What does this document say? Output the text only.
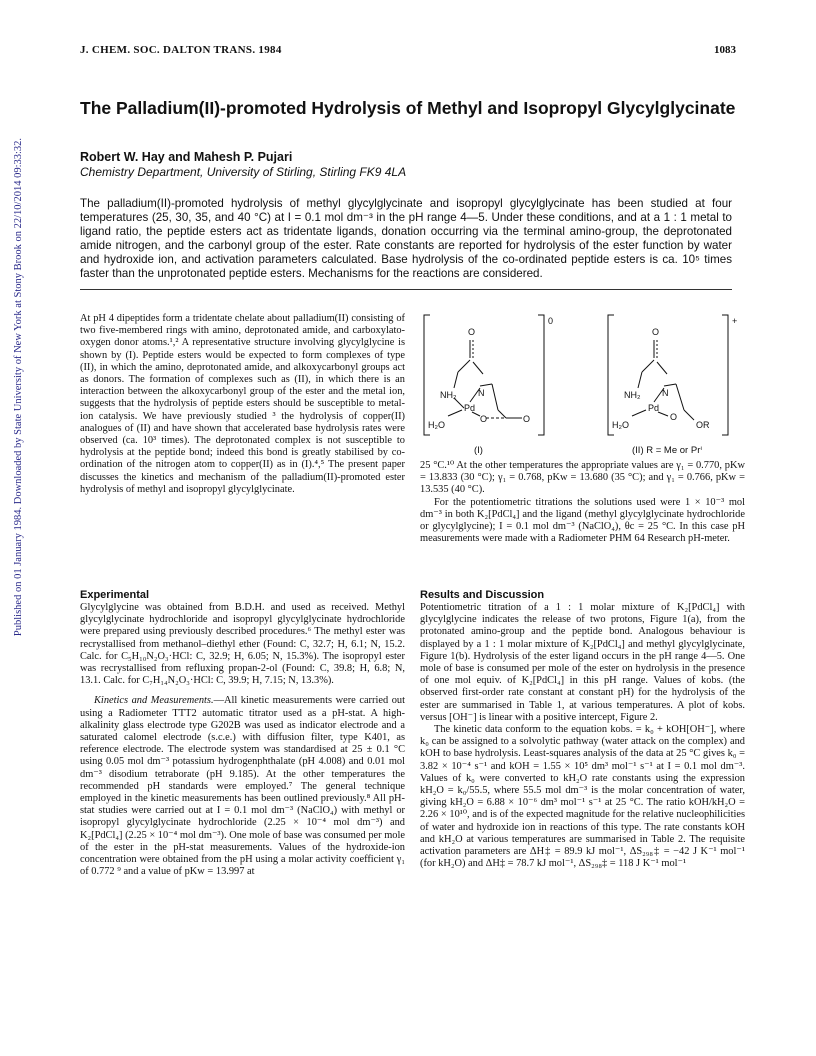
Published on 01 January 1984. Downloaded by State University of New York at Stony Brook on 22/10/2014 09:33:32.
J. CHEM. SOC. DALTON TRANS. 1984	1083
The Palladium(II)-promoted Hydrolysis of Methyl and Isopropyl Glycylglycinate
Robert W. Hay and Mahesh P. Pujari
Chemistry Department, University of Stirling, Stirling FK9 4LA
The palladium(II)-promoted hydrolysis of methyl glycylglycinate and isopropyl glycylglycinate has been studied at four temperatures (25, 30, 35, and 40 °C) at I = 0.1 mol dm⁻³ in the pH range 4—5. Under these conditions, and at a 1 : 1 metal to ligand ratio, the peptide esters act as tridentate ligands, donation occurring via the terminal amino-group, the deprotonated amide nitrogen, and the carbonyl group of the ester. Rate constants are reported for hydrolysis of the ester function by water and hydroxide ion, and activation parameters calculated. Base hydrolysis of the co-ordinated peptide esters is ca. 10⁵ times faster than the unprotonated peptide esters. Mechanisms for the reactions are considered.

At pH 4 dipeptides form a tridentate chelate about palladium(II) consisting of two five-membered rings with amino, deprotonated amide, and carboxylato-oxygen donor atoms.¹,² A representative structure involving glycylglycine is shown by (I). Peptide esters would be expected to form complexes of type (II), in which the amino, deprotonated amide, and alkoxycarbonyl groups act as donors. The formation of complexes such as (II), in which there is an interaction between the alkoxycarbonyl group of the ester and the metal ion, suggests that the hydrolysis of peptide esters should be susceptible to metal-ion catalysis. We have previously studied ³ the hydrolysis of copper(II) analogues of (II) and have shown that accelerated base hydrolysis rates were observed (ca. 10³ times). The deprotonated complex is not susceptible to hydrolysis at the peptide bond; indeed this bond is greatly stabilised by co-ordination of the nitrogen atom to copper(II) as in (I).⁴,⁵ The present paper discusses the kinetics and mechanism of the palladium(II)-promoted ester hydrolysis of methyl and isopropyl glycylglycinate.

Experimental

Glycylglycine was obtained from B.D.H. and used as received. Methyl glycylglycinate hydrochloride and isopropyl glycylglycinate hydrochloride were prepared using previously described procedures.⁶ The methyl ester was recrystallised from methanol–diethyl ether (Found: C, 32.7; H, 6.1; N, 15.2. Calc. for C₅H₁₀N₂O₃·HCl: C, 32.9; H, 6.05; N, 15.3%). The isopropyl ester was recrystallised from refluxing propan-2-ol (Found: C, 39.8; H, 6.8; N, 13.1. Calc. for C₇H₁₄N₂O₃·HCl: C, 39.9; H, 7.15; N, 13.3%).

Kinetics and Measurements.—All kinetic measurements were carried out using a Radiometer TTT2 automatic titrator used as a pH-stat. A high-alkalinity glass electrode type G202B was used as indicator electrode and a saturated calomel electrode (s.c.e.) with diffusion filter, type K401, as reference electrode. The electrode system was standardised at 25 ± 0.1 °C using 0.05 mol dm⁻³ potassium hydrogenphthalate (pH 4.008) and 0.01 mol dm⁻³ disodium tetraborate (pH 9.185). At the other temperatures the recommended pH standards were employed.⁷ The general technique employed in the kinetic measurements has been outlined previously.⁸ All pH-stat studies were carried out at I = 0.1 mol dm⁻³ (NaClO₄) with methyl or isopropyl glycylglycinate hydrochloride (2.25 × 10⁻⁴ mol dm⁻³) and K₂[PdCl₄] (2.25 × 10⁻⁴ mol dm⁻³). One mole of base was consumed per mole of the ester in the pH-stat measurements. Values of the hydroxide-ion concentration were obtained from the pH using a molar activity coefficient γ₁ of 0.772 ⁹ and a value of pKw = 13.997 at

O
NH₂ N
Pd
H₂O
O	O
0
(I)
O
NH₂ N
Pd
H₂O
O
OR
+
(II) R = Me or Prⁱ

25 °C.¹⁰ At the other temperatures the appropriate values are γ₁ = 0.770, pKw = 13.833 (30 °C); γ₁ = 0.768, pKw = 13.680 (35 °C); and γ₁ = 0.766, pKw = 13.535 (40 °C).

For the potentiometric titrations the solutions used were 1 × 10⁻³ mol dm⁻³ in both K₂[PdCl₄] and the ligand (methyl glycylglycinate hydrochloride or glycylglycine); I = 0.1 mol dm⁻³ (NaClO₄), θc = 25 °C. In this case pH measurements were made with a Radiometer PHM 64 Research pH-meter.

Results and Discussion

Potentiometric titration of a 1 : 1 molar mixture of K₂[PdCl₄] with glycylglycine indicates the release of two protons, Figure 1(a), from the protonated amino-group and the peptide bond. Analogous behaviour is displayed by a 1 : 1 molar mixture of K₂[PdCl₄] and methyl glycylglycinate, Figure 1(b). Hydrolysis of the ester ligand occurs in the pH range 4—5. One mole of base is consumed per mole of the ester on hydrolysis in the presence of one mol equiv. of K₂[PdCl₄] in this pH range. Values of kobs. (the observed first-order rate constant at constant pH) for the hydrolysis of the ester are summarised in Table 1, at various temperatures. A plot of kobs. versus [OH⁻] is linear with a positive intercept, Figure 2.

The kinetic data conform to the equation kobs. = k₀ + kOH[OH⁻], where k₀ can be assigned to a solvolytic pathway (water attack on the complex) and kOH to base hydrolysis. Least-squares analysis of the data at 25 °C gives k₀ = 3.82 × 10⁻⁴ s⁻¹ and kOH = 1.55 × 10⁵ dm³ mol⁻¹ s⁻¹ at I = 0.1 mol dm⁻³. Values of k₀ were converted to kH₂O rate constants using the expression kH₂O = k₀/55.5, where 55.5 mol dm⁻³ is the molar concentration of water, giving kH₂O = 6.88 × 10⁻⁶ dm³ mol⁻¹ s⁻¹ at 25 °C. The ratio kOH/kH₂O = 2.26 × 10¹⁰, and is of the expected magnitude for the relative nucleophilicities of water and hydroxide ion in reactions of this type. The rate constants kOH and kH₂O at various temperatures are summarised in Table 2. The requisite activation parameters are ΔH‡ = 89.9 kJ mol⁻¹, ΔS₂₉₈‡ = −42 J K⁻¹ mol⁻¹ (for kH₂O) and ΔH‡ = 78.7 kJ mol⁻¹, ΔS₂₉₈‡ = 118 J K⁻¹ mol⁻¹
